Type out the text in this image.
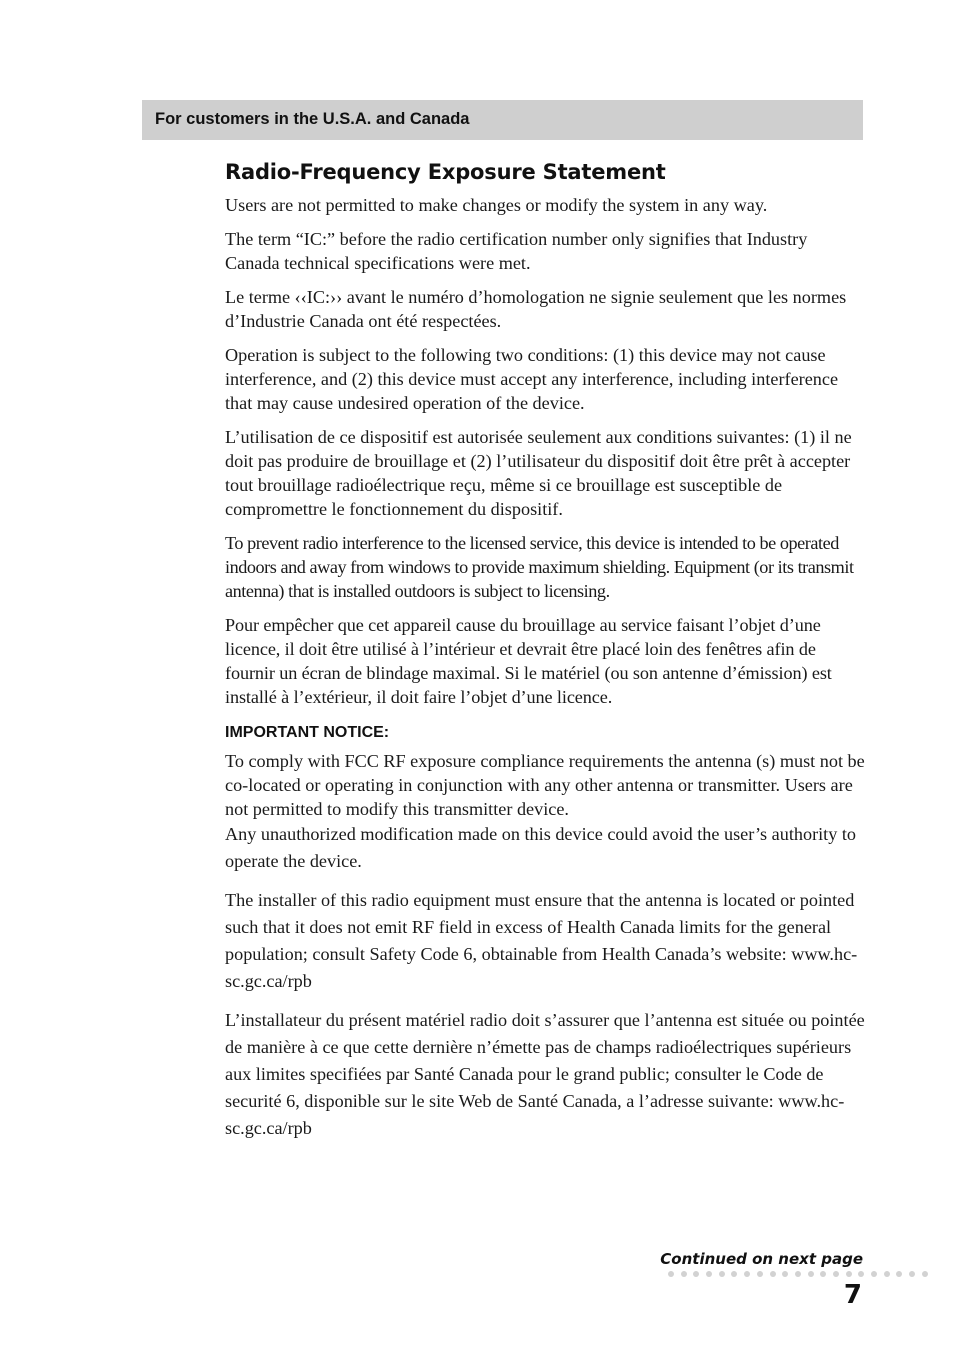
For customers in the U.S.A. and Canada
Radio-Frequency Exposure Statement

Users are not permitted to make changes or modify the system in any way.

The term “IC:” before the radio certification number only signifies that Industry Canada technical specifications were met.

Le terme ‹‹IC:›› avant le numéro d’homologation ne signie seulement que les normes d’Industrie Canada ont été respectées.

Operation is subject to the following two conditions: (1) this device may not cause interference, and (2) this device must accept any interference, including interference that may cause undesired operation of the device.

L’utilisation de ce dispositif est autorisée seulement aux conditions suivantes: (1) il ne doit pas produire de brouillage et (2) l’utilisateur du dispositif doit être prêt à accepter tout brouillage radioélectrique reçu, même si ce brouillage est susceptible de compromettre le fonctionnement du dispositif.

To prevent radio interference to the licensed service, this device is intended to be operated indoors and away from windows to provide maximum shielding. Equipment (or its transmit antenna) that is installed outdoors is subject to licensing.

Pour empêcher que cet appareil cause du brouillage au service faisant l’objet d’une licence, il doit être utilisé à l’intérieur et devrait être placé loin des fenêtres afin de fournir un écran de blindage maximal. Si le matériel (ou son antenne d’émission) est installé à l’extérieur, il doit faire l’objet d’une licence.

IMPORTANT NOTICE:

To comply with FCC RF exposure compliance requirements the antenna (s) must not be co-located or operating in conjunction with any other antenna or transmitter. Users are not permitted to modify this transmitter device.

Any unauthorized modification made on this device could avoid the user’s authority to operate the device.

The installer of this radio equipment must ensure that the antenna is located or pointed such that it does not emit RF field in excess of Health Canada limits for the general population; consult Safety Code 6, obtainable from Health Canada’s website: www.hc-sc.gc.ca/rpb

L’installateur du présent matériel radio doit s’assurer que l’antenna est située ou pointée de manière à ce que cette dernière n’émette pas de champs radioélectriques supérieurs aux limites specifiées par Santé Canada pour le grand public; consulter le Code de securité 6, disponible sur le site Web de Santé Canada, a l’adresse suivante: www.hc-sc.gc.ca/rpb

Continued on next page
7
